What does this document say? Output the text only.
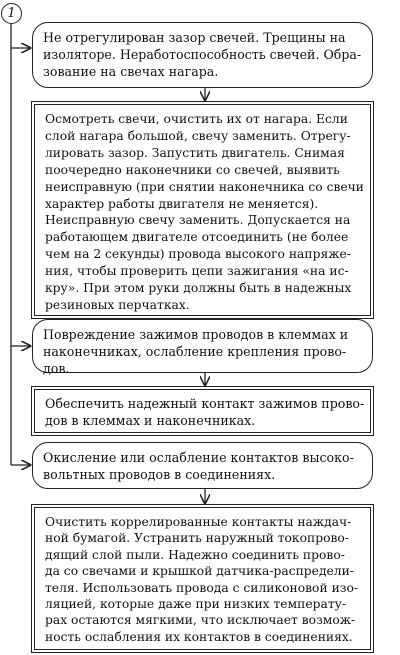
1
Не отрегулирован зазор свечей. Трещины на
изоляторе. Неработоспособность свечей. Обра-
зование на свечах нагара.
Осмотреть свечи, очистить их от нагара. Если
слой нагара большой, свечу заменить. Отрегу-
лировать зазор. Запустить двигатель. Снимая
поочередно наконечники со свечей, выявить
неисправную (при снятии наконечника со свечи
характер работы двигателя не меняется).
Неисправную свечу заменить. Допускается на
работающем двигателе отсоединить (не более
чем на 2 секунды) провода высокого напряже-
ния, чтобы проверить цепи зажигания «на ис-
кру». При этом руки должны быть в надежных
резиновых перчатках.
Повреждение зажимов проводов в клеммах и
наконечниках, ослабление крепления прово-
дов.
Обеспечить надежный контакт зажимов прово-
дов в клеммах и наконечниках.
Окисление или ослабление контактов высоко-
вольтных проводов в соединениях.
Очистить коррелированные контакты наждач-
ной бумагой. Устранить наружный токопрово-
дящий слой пыли. Надежно соединить прово-
да со свечами и крышкой датчика-распредели-
теля. Использовать провода с силиконовой изо-
ляцией, которые даже при низких температу-
рах остаются мягкими, что исключает возмож-
ность ослабления их контактов в соединениях.
